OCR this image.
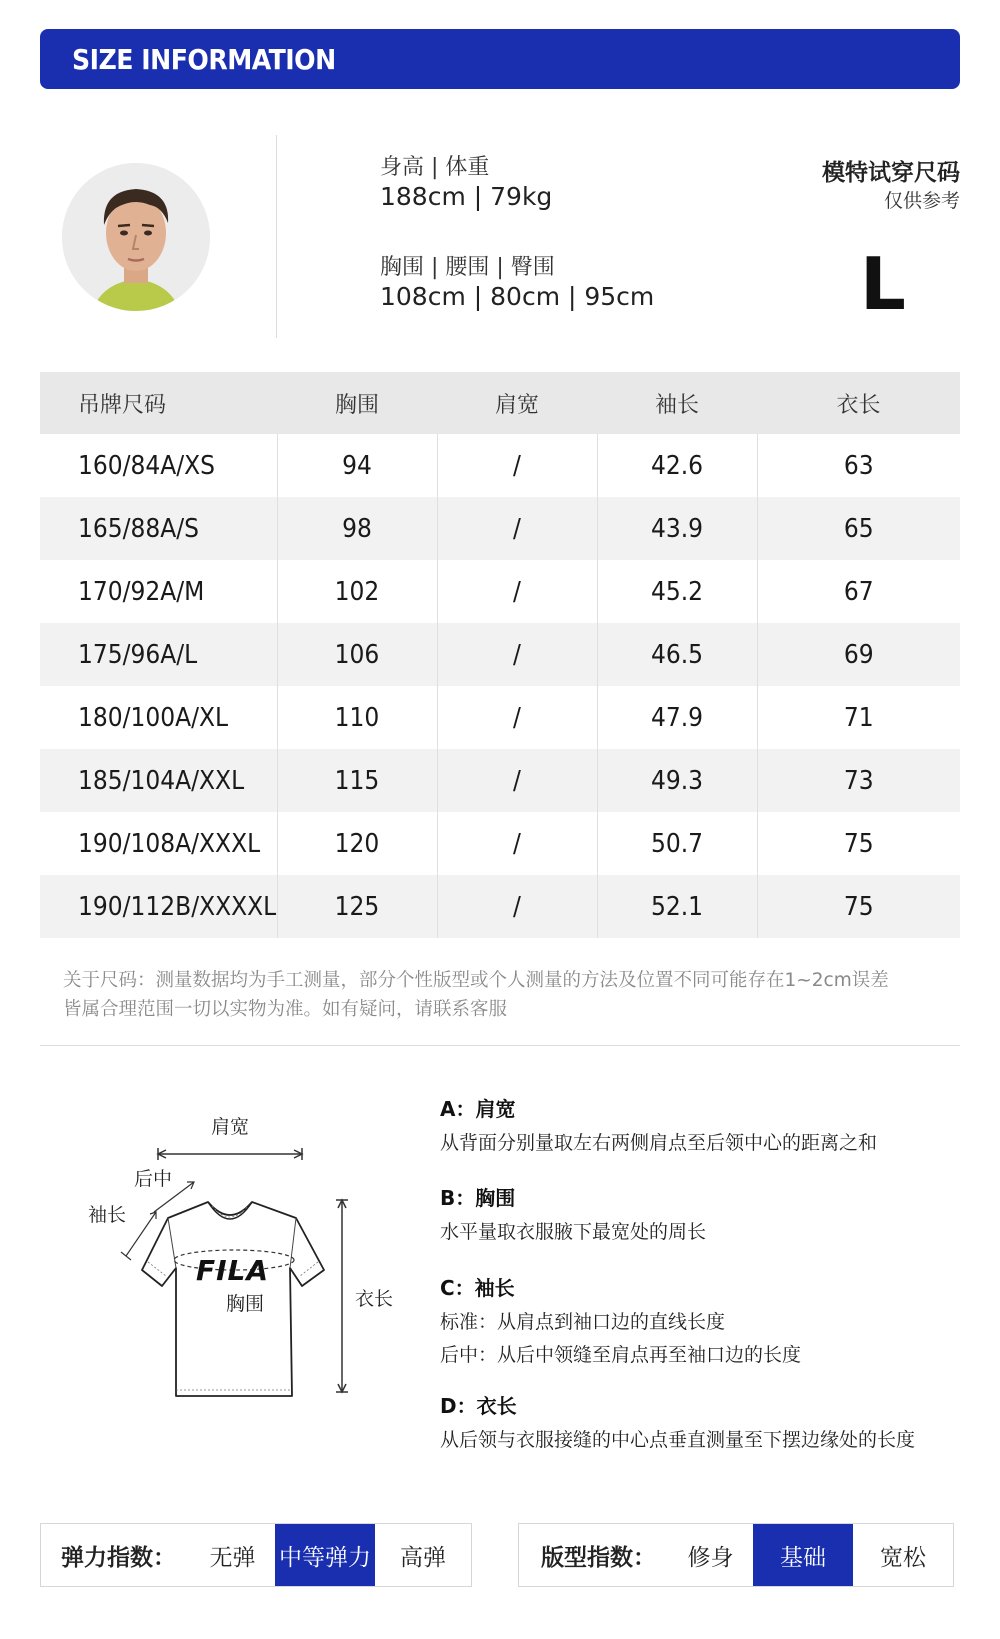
SIZE INFORMATION
身高 | 体重
188cm | 79kg
胸围 | 腰围 | 臀围
108cm | 80cm | 95cm
模特试穿尺码
仅供参考
L
吊牌尺码	胸围	肩宽	袖长	衣长
160/84A/XS	94	/	42.6	63
165/88A/S	98	/	43.9	65
170/92A/M	102	/	45.2	67
175/96A/L	106	/	46.5	69
180/100A/XL	110	/	47.9	71
185/104A/XXL	115	/	49.3	73
190/108A/XXXL	120	/	50.7	75
190/112B/XXXXL	125	/	52.1	75
关于尺码：测量数据均为手工测量，部分个性版型或个人测量的方法及位置不同可能存在1~2cm误差
皆属合理范围一切以实物为准。如有疑问，请联系客服
肩宽
后中
袖长
FILA
胸围	衣长
A：肩宽
从背面分别量取左右两侧肩点至后领中心的距离之和
B：胸围
水平量取衣服腋下最宽处的周长
C：袖长
标准：从肩点到袖口边的直线长度
后中：从后中领缝至肩点再至袖口边的长度
D：衣长
从后领与衣服接缝的中心点垂直测量至下摆边缘处的长度
弹力指数：	无弹	中等弹力	高弹	版型指数：	修身	基础	宽松
